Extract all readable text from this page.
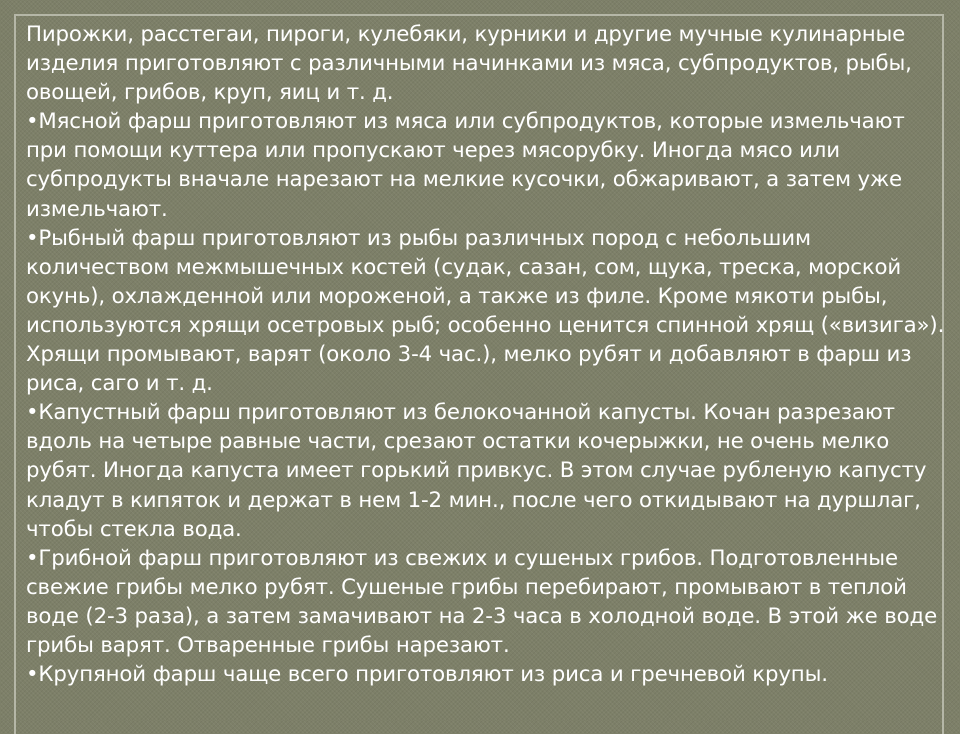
Пирожки, расстегаи, пироги, кулебяки, курники и другие мучные кулинарные изделия приготовляют с различными начинками из мяса, субпродуктов, рыбы, овощей, грибов, круп, яиц и т. д.

•Мясной фарш приготовляют из мяса или субпродуктов, которые измельчают при помощи куттера или пропускают через мясорубку. Иногда мясо или субпродукты вначале нарезают на мелкие кусочки, обжаривают, а затем уже измельчают.

•Рыбный фарш приготовляют из рыбы различных пород с небольшим количеством межмышечных костей (судак, сазан, сом, щука, треска, морской окунь), охлажденной или мороженой, а также из филе. Кроме мякоти рыбы, используются хрящи осетровых рыб; особенно ценится спинной хрящ («визига»). Хрящи промывают, варят (около 3-4 час.), мелко рубят и добавляют в фарш из риса, саго и т. д.

•Капустный фарш приготовляют из белокочанной капусты. Кочан разрезают вдоль на четыре равные части, срезают остатки кочерыжки, не очень мелко рубят. Иногда капуста имеет горький привкус. В этом случае рубленую капусту кладут в кипяток и держат в нем 1-2 мин., после чего откидывают на дуршлаг, чтобы стекла вода.

•Грибной фарш приготовляют из свежих и сушеных грибов. Подготовленные свежие грибы мелко рубят. Сушеные грибы перебирают, промывают в теплой воде (2-3 раза), а затем замачивают на 2-3 часа в холодной воде. В этой же воде грибы варят. Отваренные грибы нарезают.

•Крупяной фарш чаще всего приготовляют из риса и гречневой крупы.
